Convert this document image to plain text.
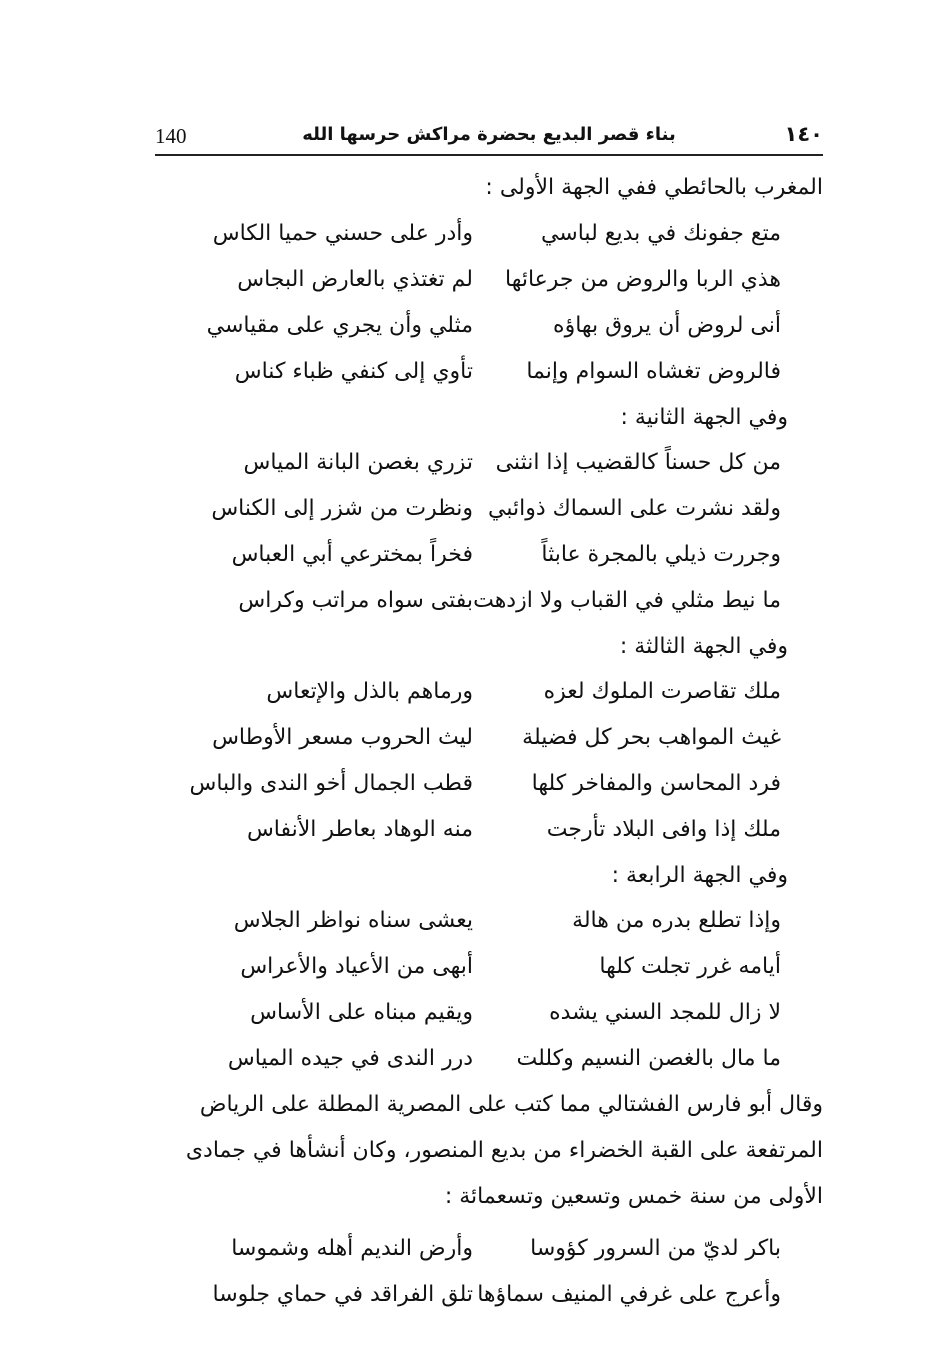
140	بناء قصر البديع بحضرة مراكش حرسها الله	١٤٠
المغرب بالحائطي ففي الجهة الأولى :
متع جفونك في بديع لباسي
وأدر على حسني حميا الكاس
هذي الربا والروض من جرعائها
لم تغتذي بالعارض البجاس
أنى لروض أن يروق بهاؤه
مثلي وأن يجري على مقياسي
فالروض تغشاه السوام وإنما
تأوي إلى كنفي ظباء كناس
وفي الجهة الثانية :
من كل حسناً كالقضيب إذا انثنى
تزري بغصن البانة المياس
ولقد نشرت على السماك ذوائبي
ونظرت من شزر إلى الكناس
وجررت ذيلي بالمجرة عابثاً
فخراً بمخترعي أبي العباس
ما نيط مثلي في القباب ولا ازدهت
بفتى سواه مراتب وكراس
وفي الجهة الثالثة :
ملك تقاصرت الملوك لعزه
ورماهم بالذل والإتعاس
غيث المواهب بحر كل فضيلة
ليث الحروب مسعر الأوطاس
فرد المحاسن والمفاخر كلها
قطب الجمال أخو الندى والباس
ملك إذا وافى البلاد تأرجت
منه الوهاد بعاطر الأنفاس
وفي الجهة الرابعة :
وإذا تطلع بدره من هالة
يعشى سناه نواظر الجلاس
أيامه غرر تجلت كلها
أبهى من الأعياد والأعراس
لا زال للمجد السني يشده
ويقيم مبناه على الأساس
ما مال بالغصن النسيم وكللت
درر الندى في جيده المياس
وقال أبو فارس الفشتالي مما كتب على المصرية المطلة على الرياض
المرتفعة على القبة الخضراء من بديع المنصور، وكان أنشأها في جمادى
الأولى من سنة خمس وتسعين وتسعمائة :
باكر لديّ من السرور كؤوسا
وأرض النديم أهله وشموسا
وأعرج على غرفي المنيف سماؤها
تلق الفراقد في حماي جلوسا
